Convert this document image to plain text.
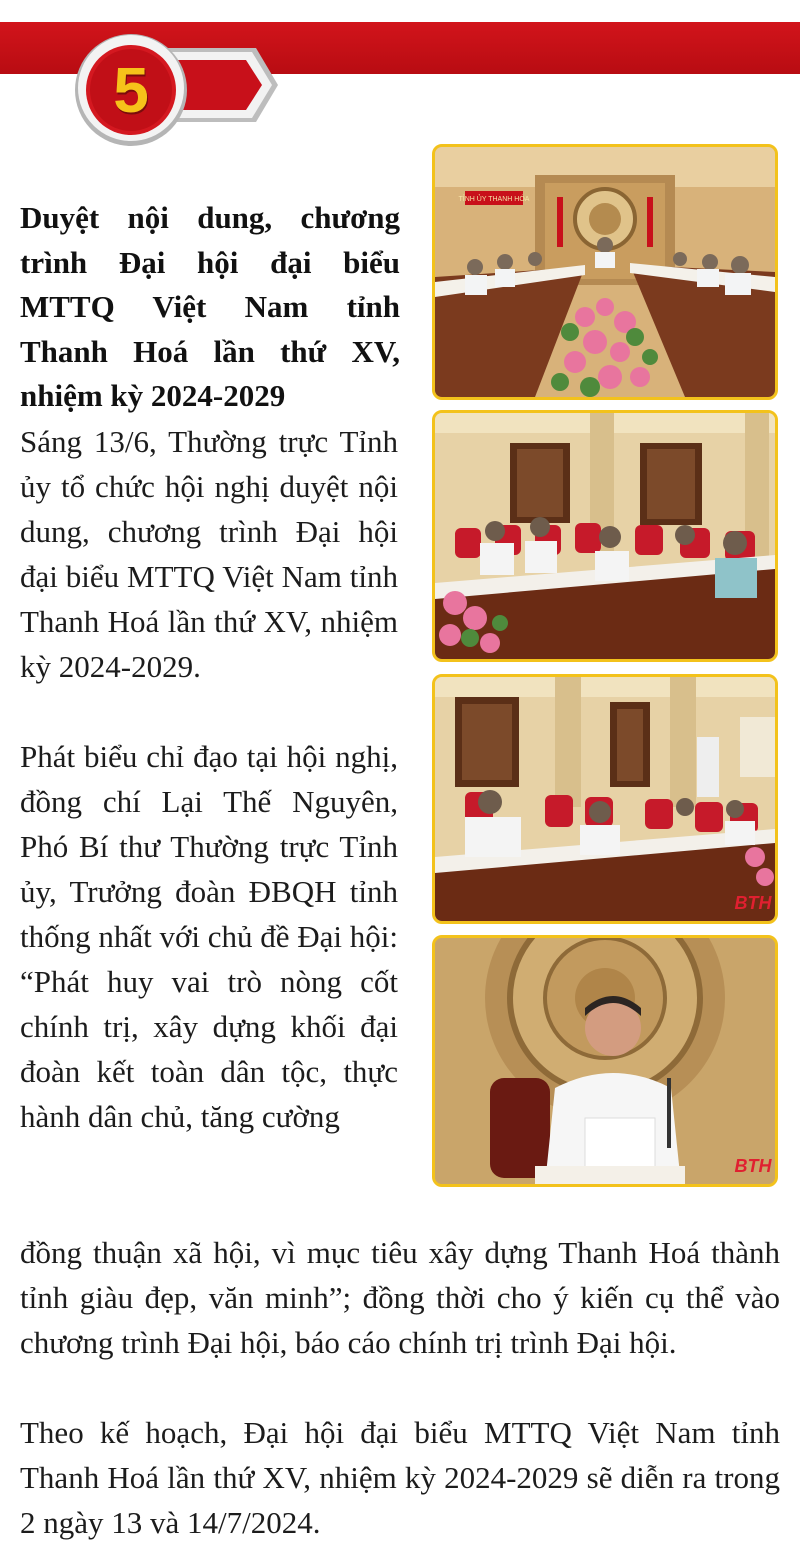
5
Duyệt nội dung, chương trình Đại hội đại biểu MTTQ Việt Nam tỉnh Thanh Hoá lần thứ XV, nhiệm kỳ 2024-2029

Sáng 13/6, Thường trực Tỉnh ủy tổ chức hội nghị duyệt nội dung, chương trình Đại hội đại biểu MTTQ Việt Nam tỉnh Thanh Hoá lần thứ XV, nhiệm kỳ 2024-2029.

Phát biểu chỉ đạo tại hội nghị, đồng chí Lại Thế Nguyên, Phó Bí thư Thường trực Tỉnh ủy, Trưởng đoàn ĐBQH tỉnh thống nhất với chủ đề Đại hội: “Phát huy vai trò nòng cốt chính trị, xây dựng khối đại đoàn kết toàn dân tộc, thực hành dân chủ, tăng cường

đồng thuận xã hội, vì mục tiêu xây dựng Thanh Hoá thành tỉnh giàu đẹp, văn minh”; đồng thời cho ý kiến cụ thể vào chương trình Đại hội, báo cáo chính trị trình Đại hội.

Theo kế hoạch, Đại hội đại biểu MTTQ Việt Nam tỉnh Thanh Hoá lần thứ XV, nhiệm kỳ 2024-2029 sẽ diễn ra trong 2 ngày 13 và 14/7/2024.

TỈNH ỦY THANH HÓA
BTH
BTH
